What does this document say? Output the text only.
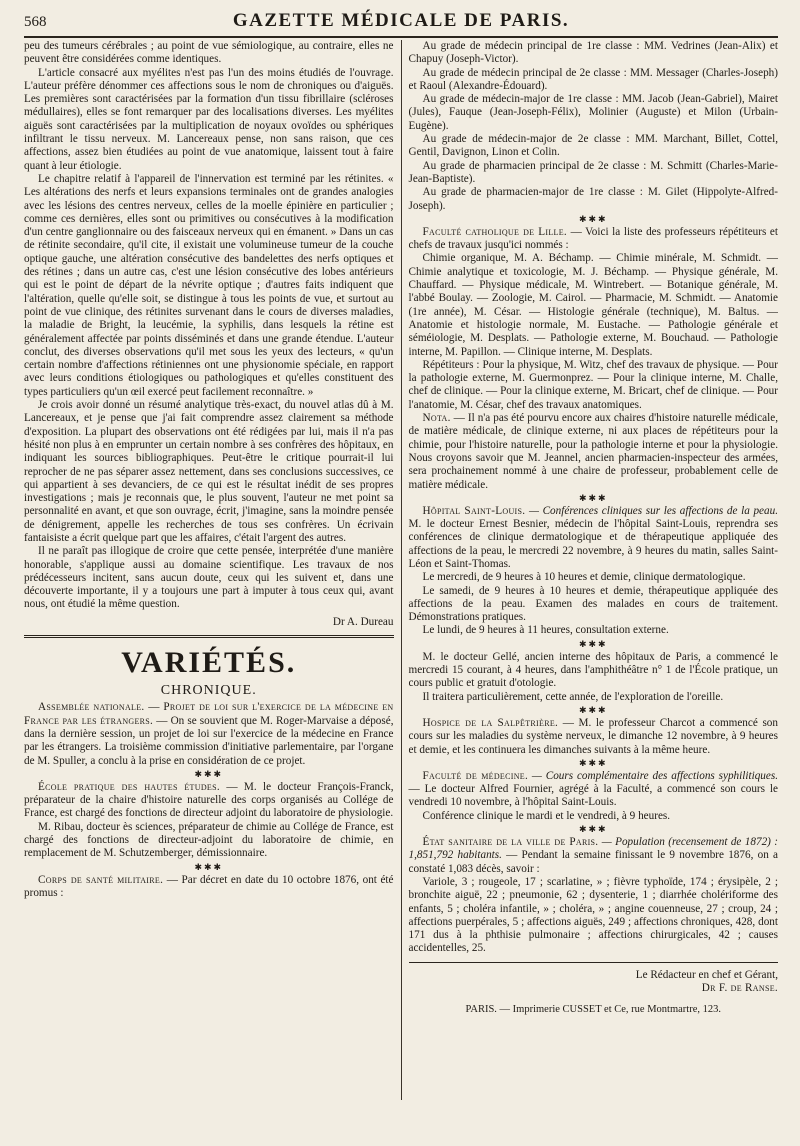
568	GAZETTE MÉDICALE DE PARIS.

peu des tumeurs cérébrales ; au point de vue sémiologique, au contraire, elles ne peuvent être considérées comme identiques.

L'article consacré aux myélites n'est pas l'un des moins étudiés de l'ouvrage. L'auteur préfère dénommer ces affections sous le nom de chroniques ou d'aiguës. Les premières sont caractérisées par la formation d'un tissu fibrillaire (scléroses médullaires), elles se font remarquer par des localisations diverses. Les myélites aiguës sont caractérisées par la multiplication de noyaux ovoïdes ou sphériques infiltrant le tissu nerveux. M. Lancereaux pense, non sans raison, que ces affections, assez bien étudiées au point de vue anatomique, laissent tout à faire quant à leur étiologie.

Le chapitre relatif à l'appareil de l'innervation est terminé par les rétinites. « Les altérations des nerfs et leurs expansions terminales ont de grandes analogies avec les lésions des centres nerveux, celles de la moelle épinière en particulier ; comme ces dernières, elles sont ou primitives ou consécutives à la modification d'un centre ganglionnaire ou des faisceaux nerveux qui en émanent. » Dans un cas de rétinite secondaire, qu'il cite, il existait une volumineuse tumeur de la couche optique gauche, une altération consécutive des bandelettes des nerfs optiques et des rétines ; dans un autre cas, c'est une lésion consécutive des lobes antérieurs qui est le point de départ de la névrite optique ; d'autres faits indiquent que l'altération, quelle qu'elle soit, se distingue à tous les points de vue, et surtout au point de vue clinique, des rétinites survenant dans le cours de diverses maladies, la maladie de Bright, la leucémie, la syphilis, dans lesquels la rétine est généralement affectée par points disséminés et dans une grande étendue. L'auteur conclut, des diverses observations qu'il met sous les yeux des lecteurs, « qu'un certain nombre d'affections rétiniennes ont une physionomie spéciale, en rapport avec leurs conditions étiologiques ou pathologiques et qu'elles constituent des types particuliers qu'un œil exercé peut facilement reconnaître. »

Je crois avoir donné un résumé analytique très-exact, du nouvel atlas dû à M. Lancereaux, et je pense que j'ai fait comprendre assez clairement sa méthode d'exposition. La plupart des observations ont été rédigées par lui, mais il n'a pas hésité non plus à en emprunter un certain nombre à ses confrères des hôpitaux, en indiquant les sources bibliographiques. Peut-être le critique pourrait-il lui reprocher de ne pas séparer assez nettement, dans ses conclusions successives, ce qui appartient à ses devanciers, de ce qui est le résultat inédit de ses propres investigations ; mais je reconnais que, le plus souvent, l'auteur ne met point sa personnalité en avant, et que son ouvrage, écrit, j'imagine, sans la moindre pensée de dénigrement, appelle les recherches de tous ses confrères. Un écrivain fantaisiste a écrit quelque part que les affaires, c'était l'argent des autres.

Il ne paraît pas illogique de croire que cette pensée, interprétée d'une manière honorable, s'applique aussi au domaine scientifique. Les travaux de nos prédécesseurs incitent, sans aucun doute, ceux qui les suivent et, dans une découverte importante, il y a toujours une part à imputer à tous ceux qui, avant nous, ont étudié la même question.

Dr A. Dureau

VARIÉTÉS.
CHRONIQUE.

Assemblée nationale. — Projet de loi sur l'exercice de la médecine en France par les étrangers. — On se souvient que M. Roger-Marvaise a déposé, dans la dernière session, un projet de loi sur l'exercice de la médecine en France par les étrangers. La troisième commission d'initiative parlementaire, par l'organe de M. Spuller, a conclu à la prise en considération de ce projet.

✱✱✱

École pratique des hautes études. — M. le docteur François-Franck, préparateur de la chaire d'histoire naturelle des corps organisés au Collége de France, est chargé des fonctions de directeur adjoint du laboratoire de physiologie.

M. Ribau, docteur ès sciences, préparateur de chimie au Collége de France, est chargé des fonctions de directeur-adjoint du laboratoire de chimie, en remplacement de M. Schutzemberger, démissionnaire.

✱✱✱

Corps de santé militaire. — Par décret en date du 10 octobre 1876, ont été promus :

Au grade de médecin principal de 1re classe : MM. Vedrines (Jean-Alix) et Chapuy (Joseph-Victor).

Au grade de médecin principal de 2e classe : MM. Messager (Charles-Joseph) et Raoul (Alexandre-Édouard).

Au grade de médecin-major de 1re classe : MM. Jacob (Jean-Gabriel), Mairet (Jules), Fauque (Jean-Joseph-Félix), Molinier (Auguste) et Milon (Urbain-Eugène).

Au grade de médecin-major de 2e classe : MM. Marchant, Billet, Cottel, Gentil, Davignon, Linon et Colin.

Au grade de pharmacien principal de 2e classe : M. Schmitt (Charles-Marie-Jean-Baptiste).

Au grade de pharmacien-major de 1re classe : M. Gilet (Hippolyte-Alfred-Joseph).

✱✱✱

Faculté catholique de Lille. — Voici la liste des professeurs répétiteurs et chefs de travaux jusqu'ici nommés :

Chimie organique, M. A. Béchamp. — Chimie minérale, M. Schmidt. — Chimie analytique et toxicologie, M. J. Béchamp. — Physique générale, M. Chauffard. — Physique médicale, M. Wintrebert. — Botanique générale, M. l'abbé Boulay. — Zoologie, M. Cairol. — Pharmacie, M. Schmidt. — Anatomie (1re année), M. César. — Histologie générale (technique), M. Baltus. — Anatomie et histologie normale, M. Eustache. — Pathologie générale et séméiologie, M. Desplats. — Pathologie externe, M. Bouchaud. — Pathologie interne, M. Papillon. — Clinique interne, M. Desplats.

Répétiteurs : Pour la physique, M. Witz, chef des travaux de physique. — Pour la pathologie externe, M. Guermonprez. — Pour la clinique interne, M. Challe, chef de clinique. — Pour la clinique externe, M. Bricart, chef de clinique. — Pour l'anatomie, M. César, chef des travaux anatomiques.

Nota. — Il n'a pas été pourvu encore aux chaires d'histoire naturelle médicale, de matière médicale, de clinique externe, ni aux places de répétiteurs pour la chimie, pour l'histoire naturelle, pour la pathologie interne et pour la physiologie. Nous croyons savoir que M. Jeannel, ancien pharmacien-inspecteur des armées, sera prochainement nommé à une chaire de professeur, probablement celle de matière médicale.

✱✱✱

Hôpital Saint-Louis. — Conférences cliniques sur les affections de la peau. M. le docteur Ernest Besnier, médecin de l'hôpital Saint-Louis, reprendra ses conférences de clinique dermatologique et de thérapeutique appliquée des affections de la peau, le mercredi 22 novembre, à 9 heures du matin, salles Saint-Léon et Saint-Thomas.

Le mercredi, de 9 heures à 10 heures et demie, clinique dermatologique.

Le samedi, de 9 heures à 10 heures et demie, thérapeutique appliquée des affections de la peau. Examen des malades en cours de traitement. Démonstrations pratiques.

Le lundi, de 9 heures à 11 heures, consultation externe.

✱✱✱

M. le docteur Gellé, ancien interne des hôpitaux de Paris, a commencé le mercredi 15 courant, à 4 heures, dans l'amphithéâtre n° 1 de l'École pratique, un cours public et gratuit d'otologie.

Il traitera particulièrement, cette année, de l'exploration de l'oreille.

✱✱✱

Hospice de la Salpêtrière. — M. le professeur Charcot a commencé son cours sur les maladies du système nerveux, le dimanche 12 novembre, à 9 heures et demie, et les continuera les dimanches suivants à la même heure.

✱✱✱

Faculté de médecine. — Cours complémentaire des affections syphilitiques. — Le docteur Alfred Fournier, agrégé à la Faculté, a commencé son cours le vendredi 10 novembre, à l'hôpital Saint-Louis.

Conférence clinique le mardi et le vendredi, à 9 heures.

✱✱✱

État sanitaire de la ville de Paris. — Population (recensement de 1872) : 1,851,792 habitants. — Pendant la semaine finissant le 9 novembre 1876, on a constaté 1,083 décès, savoir :

Variole, 3 ; rougeole, 17 ; scarlatine, » ; fièvre typhoïde, 174 ; érysipèle, 2 ; bronchite aiguë, 22 ; pneumonie, 62 ; dysenterie, 1 ; diarrhée cholériforme des enfants, 5 ; choléra infantile, » ; choléra, » ; angine couenneuse, 27 ; croup, 24 ; affections puerpérales, 5 ; affections aiguës, 249 ; affections chroniques, 428, dont 171 dus à la phthisie pulmonaire ; affections chirurgicales, 42 ; causes accidentelles, 25.

Le Rédacteur en chef et Gérant,

Dr F. de Ranse.

PARIS. — Imprimerie CUSSET et Ce, rue Montmartre, 123.
